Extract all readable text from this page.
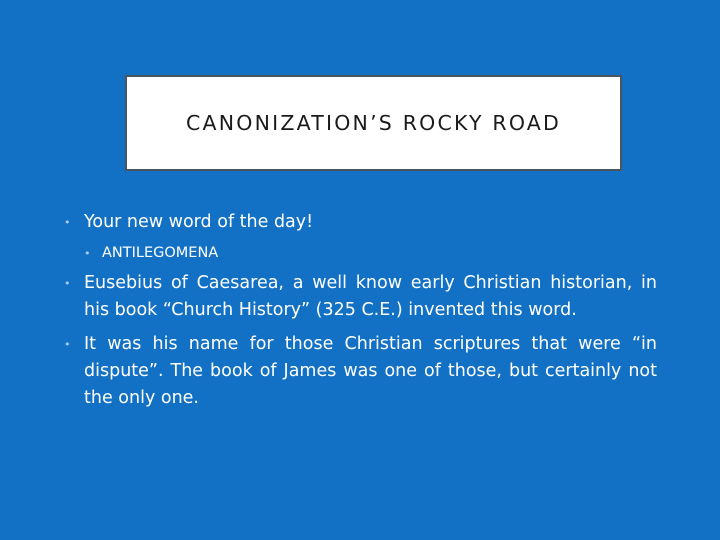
CANONIZATION’S ROCKY ROAD
• Your new word of the day!
• ANTILEGOMENA
• Eusebius of Caesarea, a well know early Christian historian, in his book “Church History” (325 C.E.) invented this word.
• It was his name for those Christian scriptures that were “in dispute”. The book of James was one of those, but certainly not the only one.
